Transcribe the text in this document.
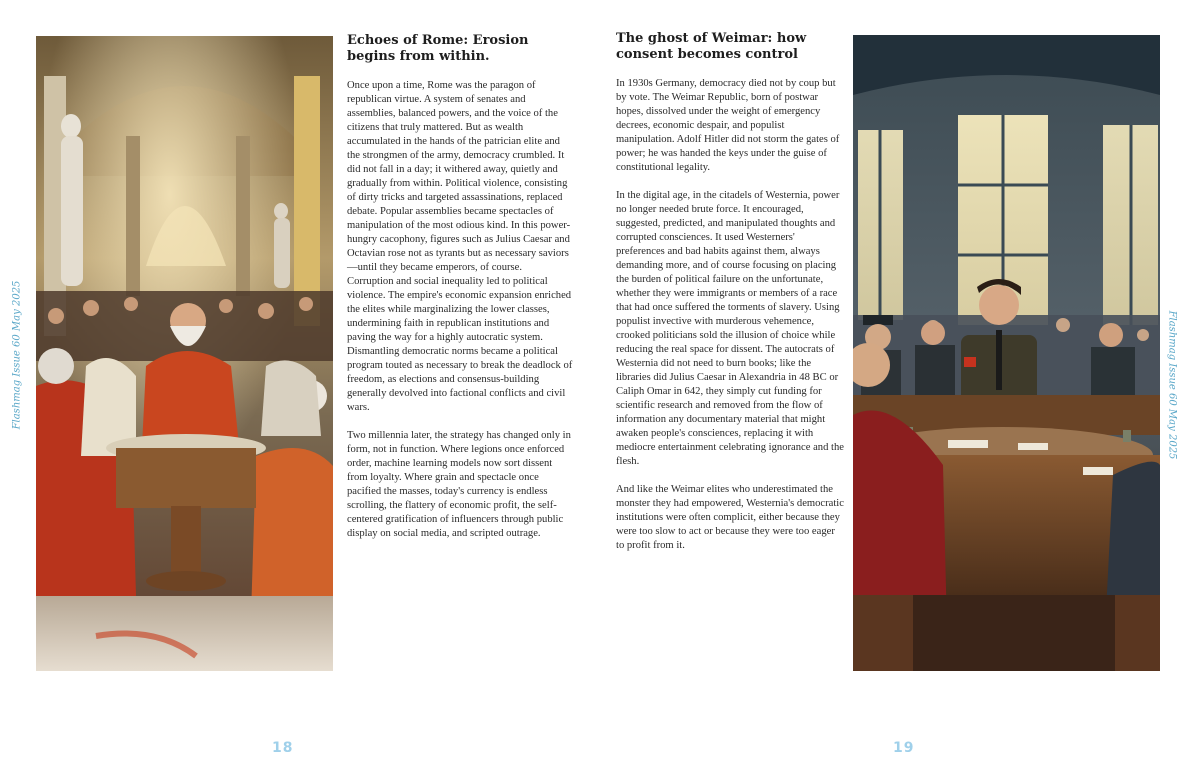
Flashmag Issue 60 May 2025	Flashmag Issue 60 May 2025
Echoes of Rome: Erosion begins from within.

Once upon a time, Rome was the paragon of republican virtue. A system of senates and assemblies, balanced powers, and the voice of the citizens that truly mattered. But as wealth accumulated in the hands of the patrician elite and the strongmen of the army, democracy crumbled. It did not fall in a day; it withered away, quietly and gradually from within. Political violence, consisting of dirty tricks and targeted assassinations, replaced debate. Popular assemblies became spectacles of manipulation of the most odious kind. In this power-hungry cacophony, figures such as Julius Caesar and Octavian rose not as tyrants but as necessary saviors—until they became emperors, of course.

Corruption and social inequality led to political violence. The empire's economic expansion enriched the elites while marginalizing the lower classes, undermining faith in republican institutions and paving the way for a highly autocratic system. Dismantling democratic norms became a political program touted as necessary to break the deadlock of freedom, as elections and consensus-building generally devolved into factional conflicts and civil wars.

Two millennia later, the strategy has changed only in form, not in function. Where legions once enforced order, machine learning models now sort dissent from loyalty. Where grain and spectacle once pacified the masses, today's currency is endless scrolling, the flattery of economic profit, the self-centered gratification of influencers through public display on social media, and scripted outrage.

The ghost of Weimar: how consent becomes control

In 1930s Germany, democracy died not by coup but by vote. The Weimar Republic, born of postwar hopes, dissolved under the weight of emergency decrees, economic despair, and populist manipulation. Adolf Hitler did not storm the gates of power; he was handed the keys under the guise of constitutional legality.

In the digital age, in the citadels of Westernia, power no longer needed brute force. It encouraged, suggested, predicted, and manipulated thoughts and corrupted consciences. It used Westerners' preferences and bad habits against them, always demanding more, and of course focusing on placing the burden of political failure on the unfortunate, whether they were immigrants or members of a race that had once suffered the torments of slavery. Using populist invective with murderous vehemence, crooked politicians sold the illusion of choice while reducing the real space for dissent. The autocrats of Westernia did not need to burn books; like the libraries did Julius Caesar in Alexandria in 48 BC or Caliph Omar in 642, they simply cut funding for scientific research and removed from the flow of information any documentary material that might awaken people's consciences, replacing it with mediocre entertainment celebrating ignorance and the flesh.

And like the Weimar elites who underestimated the monster they had empowered, Westernia's democratic institutions were often complicit, either because they were too slow to act or because they were too eager to profit from it.

18	19
